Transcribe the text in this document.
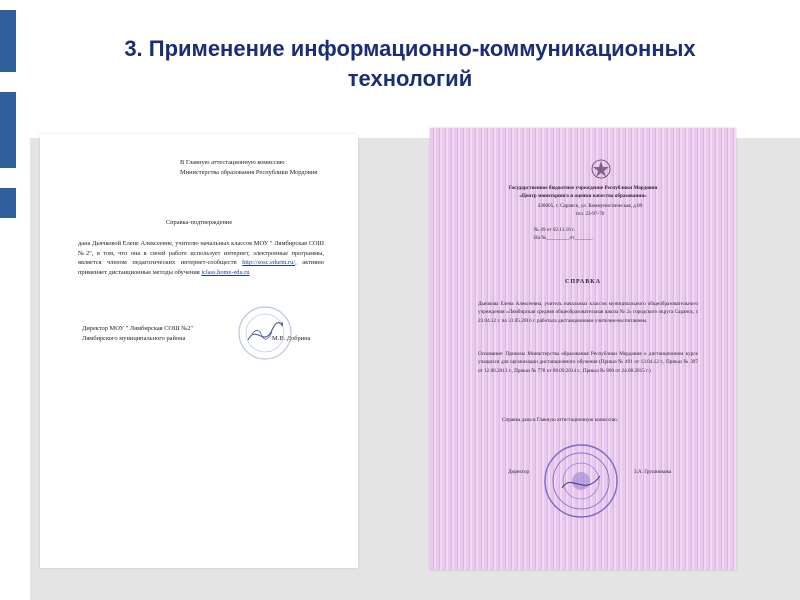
3. Применение информационно-коммуникационных
технологий
В Главную аттестационную комиссию
Министерства образования Республики Мордовия
Справка-подтверждение
дана Дьячковой Елене Алексеевне, учителю начальных классов МОУ " Лямбирская СОШ №2", в том, что она в своей работе использует интернет, электронные программы, является членом педагогических интернет-сообществ http://sosc.edurm.ru/, активно применяет дистанционные методы обучения iclass.home-edu.ru
Директор МОУ " Лямбирская СОШ №2"
Лямбирского муниципального района	М.В. Добрина
Государственное бюджетное учреждение Республики Мордовия
«Центр мониторинга и оценки качества образования»
430005, г. Саранск, ул. Коммунистическая, д.89
тел. 23-97-76
№ 49 от 02.11.16 г.
На №_________от_______
СПРАВКА
Дьячкова Елена Алексеевна, учитель начальных классов муниципального общеобразовательного учреждения «Лямбирская средняя общеобразовательная школа № 2» городского округа Саранск, с 23.04.12 г. по 31.05.2016 г. работала дистанционным учителем-воспитанием.
Основание: Приказы Министерства образования Республики Мордовия о дистанционном курсе учащихся для организации дистанционного обучения (Приказ № 491 от 13.04.12 г., Приказ № 397 от 12.06.2013 г., Приказ № 778 от 08.09.2014 г., Приказ № 800 от 24.08.2015 г.)
Справка дана в Главную аттестационную комиссию.
Директор	З.А. Грушникова
